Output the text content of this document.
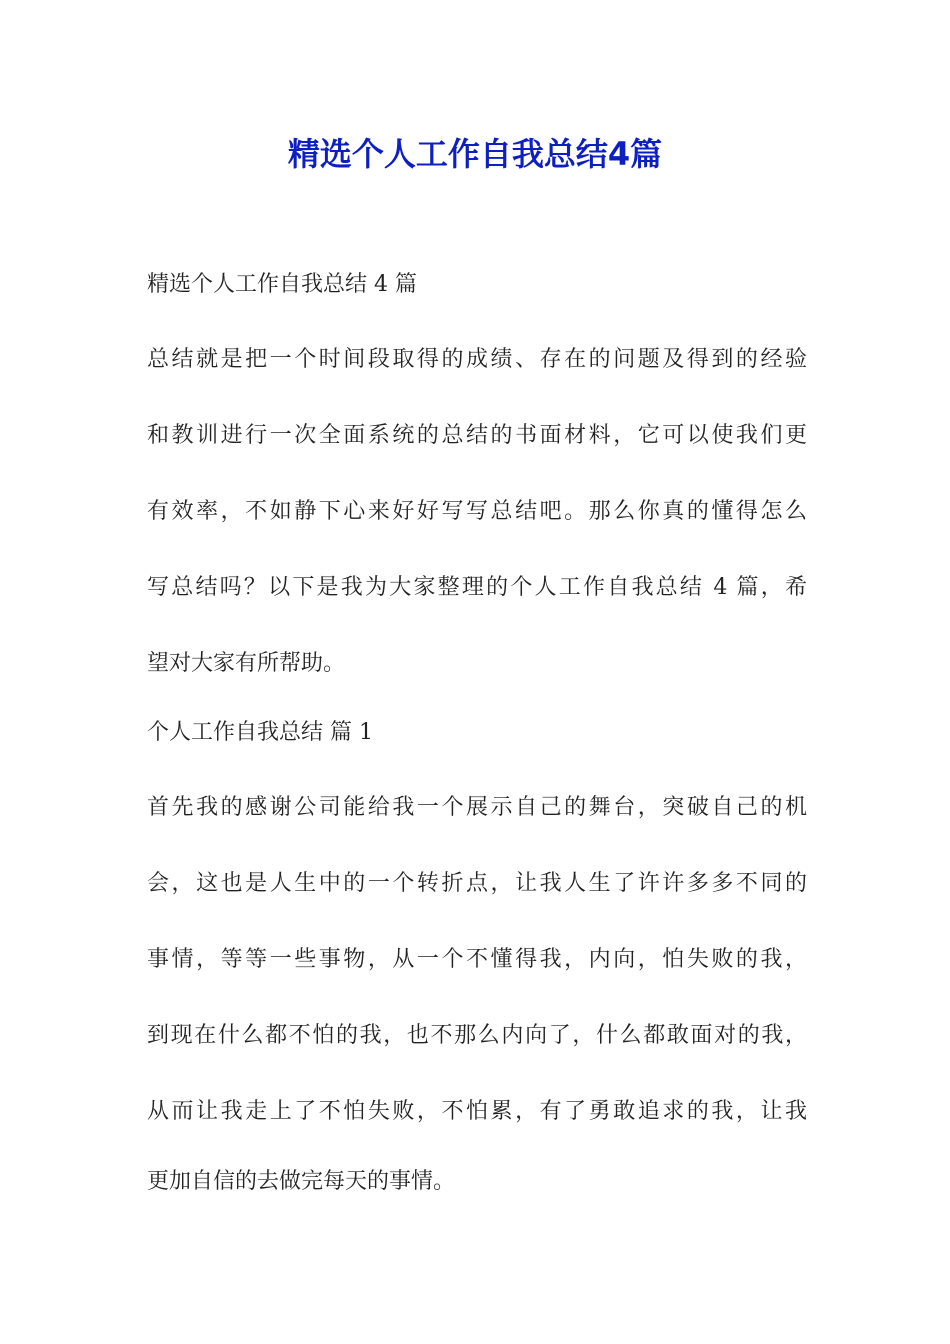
精选个人工作自我总结4篇
精选个人工作自我总结 4 篇
总结就是把一个时间段取得的成绩、存在的问题及得到的经验
和教训进行一次全面系统的总结的书面材料，它可以使我们更
有效率，不如静下心来好好写写总结吧。那么你真的懂得怎么
写总结吗？以下是我为大家整理的个人工作自我总结 4 篇，希
望对大家有所帮助。
个人工作自我总结 篇 1
首先我的感谢公司能给我一个展示自己的舞台，突破自己的机
会，这也是人生中的一个转折点，让我人生了许许多多不同的
事情，等等一些事物，从一个不懂得我，内向，怕失败的我，
到现在什么都不怕的我，也不那么内向了，什么都敢面对的我，
从而让我走上了不怕失败，不怕累，有了勇敢追求的我，让我
更加自信的去做完每天的事情。
